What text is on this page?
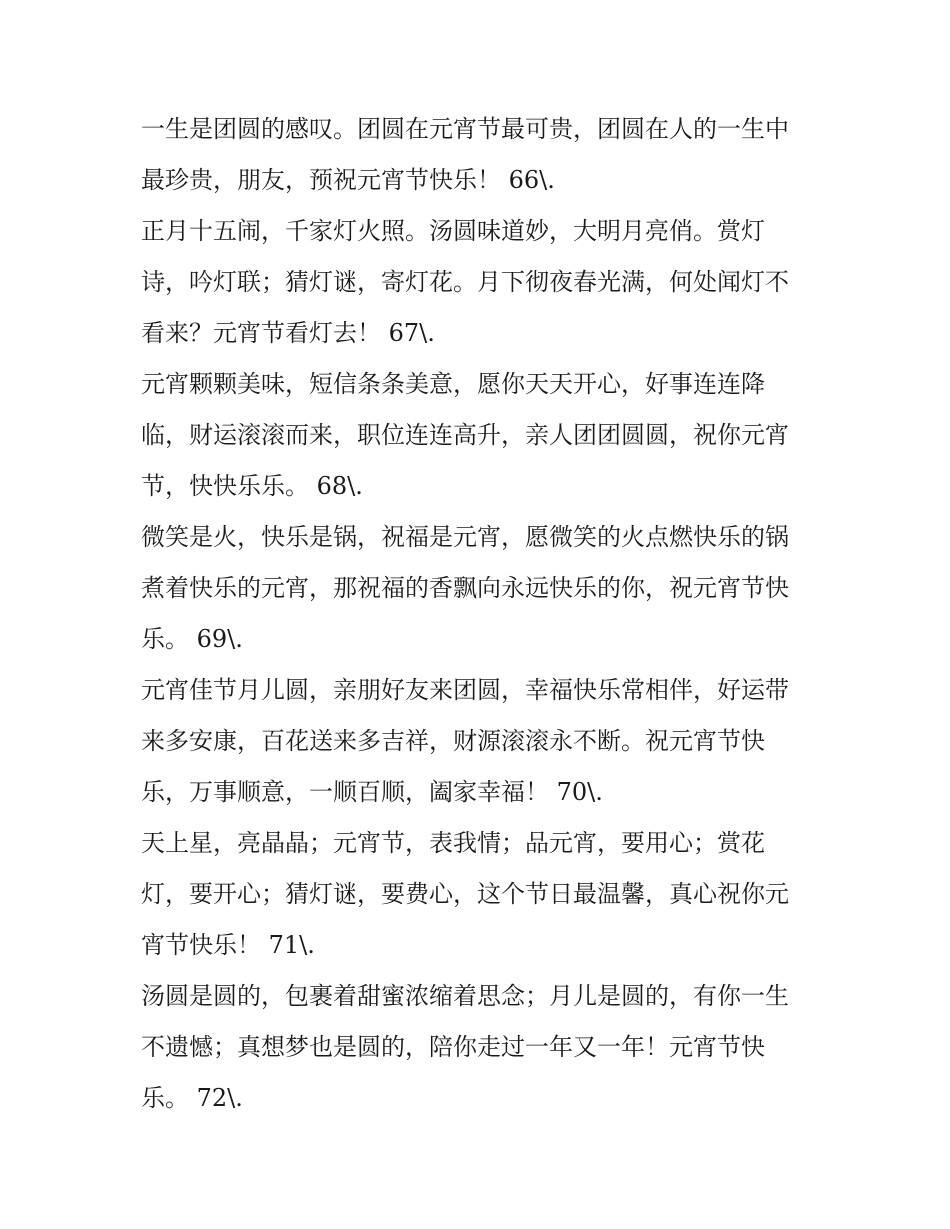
一生是团圆的感叹。团圆在元宵节最可贵，团圆在人的一生中
最珍贵，朋友，预祝元宵节快乐！ 66\.
正月十五闹，千家灯火照。汤圆味道妙，大明月亮俏。赏灯
诗，吟灯联；猜灯谜，寄灯花。月下彻夜春光满，何处闻灯不
看来？元宵节看灯去！ 67\.
元宵颗颗美味，短信条条美意，愿你天天开心，好事连连降
临，财运滚滚而来，职位连连高升，亲人团团圆圆，祝你元宵
节，快快乐乐。 68\.
微笑是火，快乐是锅，祝福是元宵，愿微笑的火点燃快乐的锅
煮着快乐的元宵，那祝福的香飘向永远快乐的你，祝元宵节快
乐。 69\.
元宵佳节月儿圆，亲朋好友来团圆，幸福快乐常相伴，好运带
来多安康，百花送来多吉祥，财源滚滚永不断。祝元宵节快
乐，万事顺意，一顺百顺，阖家幸福！ 70\.
天上星，亮晶晶；元宵节，表我情；品元宵，要用心；赏花
灯，要开心；猜灯谜，要费心，这个节日最温馨，真心祝你元
宵节快乐！ 71\.
汤圆是圆的，包裹着甜蜜浓缩着思念；月儿是圆的，有你一生
不遗憾；真想梦也是圆的，陪你走过一年又一年！元宵节快
乐。 72\.
